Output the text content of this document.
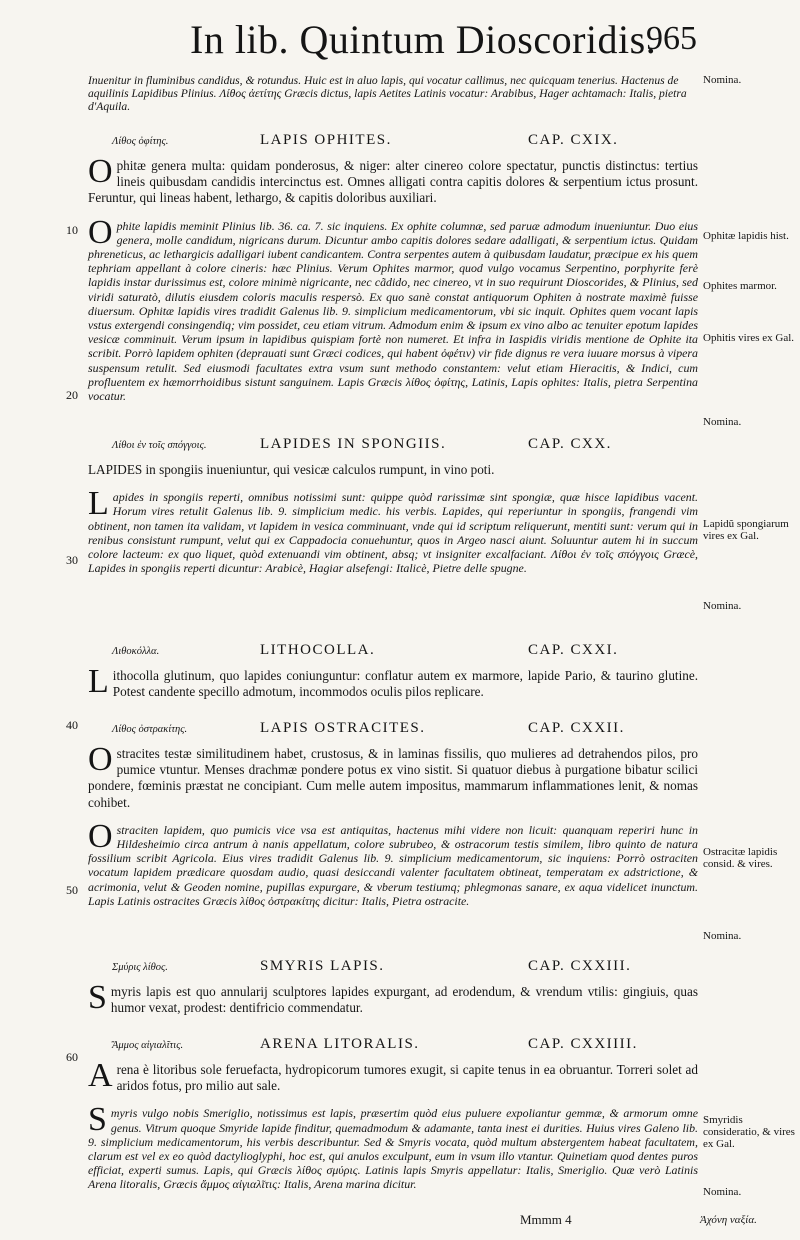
In lib. Quintum Dioscoridis.
965
10
20
30
40
50
60
Inuenitur in fluminibus candidus, & rotundus. Huic est in aluo lapis, qui vocatur callimus, nec quicquam tenerius. Hactenus de aquilinis Lapidibus Plinius. Λίθος ἀετίτης Græcis dictus, lapis Aetites Latinis vocatur: Arabibus, Hager achtamach: Italis, pietra d'Aquila.
Λίθος ὀφίτης.	LAPIS OPHITES.	CAP. CXIX.
Ophitæ genera multa: quidam ponderosus, & niger: alter cinereo colore spectatur, punctis distinctus: tertius lineis quibusdam candidis intercinctus est. Omnes alligati contra capitis dolores & serpentium ictus prosunt. Feruntur, qui lineas habent, lethargo, & capitis doloribus auxiliari.
Ophite lapidis meminit Plinius lib. 36. ca. 7. sic inquiens. Ex ophite columnæ, sed paruæ admodum inueniuntur. Duo eius genera, molle candidum, nigricans durum. Dicuntur ambo capitis dolores sedare adalligati, & serpentium ictus. Quidam phreneticus, ac lethargicis adalligari iubent candicantem. Contra serpentes autem à quibusdam laudatur, præcipue ex his quem tephriam appellant à colore cineris: hæc Plinius. Verum Ophites marmor, quod vulgo vocamus Serpentino, porphyrite ferè lapidis instar durissimus est, colore minimè nigricante, nec cãdido, nec cinereo, vt in suo requirunt Dioscorides, & Plinius, sed viridi saturatò, dilutis eiusdem coloris maculis respersò. Ex quo sanè constat antiquorum Ophiten à nostrate maximè fuisse diuersum. Ophitæ lapidis vires tradidit Galenus lib. 9. simplicium medicamentorum, vbi sic inquit. Ophites quem vocant lapis vstus extergendi consingendiq; vim possidet, ceu etiam vitrum. Admodum enim & ipsum ex vino albo ac tenuiter epotum lapides vesicæ comminuit. Verum ipsum in lapidibus quispiam fortè non numeret. Et infra in Iaspidis viridis mentione de Ophite ita scribit. Porrò lapidem ophiten (deprauati sunt Græci codices, qui habent ὀφέτιν) vir fide dignus re vera iuuare morsus à vipera suspensum retulit. Sed eiusmodi facultates extra vsum sunt methodo constantem: velut etiam Hieracitis, & Indici, cum profluentem ex hæmorrhoidibus sistunt sanguinem. Lapis Græcis λίθος ὀφίτης, Latinis, Lapis ophites: Italis, pietra Serpentina vocatur.
Λίθοι ἐν τοῖς σπόγγοις.	LAPIDES IN SPONGIIS.	CAP. CXX.
LAPIDES in spongiis inueniuntur, qui vesicæ calculos rumpunt, in vino poti.
Lapides in spongiis reperti, omnibus notissimi sunt: quippe quòd rarissimæ sint spongiæ, quæ hisce lapidibus vacent. Horum vires retulit Galenus lib. 9. simplicium medic. his verbis. Lapides, qui reperiuntur in spongiis, frangendi vim obtinent, non tamen ita validam, vt lapidem in vesica comminuant, vnde qui id scriptum reliquerunt, mentiti sunt: verum qui in renibus consistunt rumpunt, velut qui ex Cappadocia conuehuntur, quos in Argeo nasci aiunt. Soluuntur autem hi in succum colore lacteum: ex quo liquet, quòd extenuandi vim obtinent, absq; vt insigniter excalfaciant. Λίθοι ἐν τοῖς σπόγγοις Græcè, Lapides in spongiis reperti dicuntur: Arabicè, Hagiar alsefengi: Italicè, Pietre delle spugne.
Λιθοκόλλα.	LITHOCOLLA.	CAP. CXXI.
Lithocolla glutinum, quo lapides coniunguntur: conflatur autem ex marmore, lapide Pario, & taurino glutine. Potest candente specillo admotum, incommodos oculis pilos replicare.
Λίθος ὀστρακίτης.	LAPIS OSTRACITES.	CAP. CXXII.
Ostracites testæ similitudinem habet, crustosus, & in laminas fissilis, quo mulieres ad detrahendos pilos, pro pumice vtuntur. Menses drachmæ pondere potus ex vino sistit. Si quatuor diebus à purgatione bibatur scilici pondere, fœminis præstat ne concipiant. Cum melle autem impositus, mammarum inflammationes lenit, & nomas cohibet.
Ostraciten lapidem, quo pumicis vice vsa est antiquitas, hactenus mihi videre non licuit: quanquam reperiri hunc in Hildesheimio circa antrum à nanis appellatum, colore subrubeo, & ostracorum testis similem, libro quinto de natura fossilium scribit Agricola. Eius vires tradidit Galenus lib. 9. simplicium medicamentorum, sic inquiens: Porrò ostraciten vocatum lapidem prædicare quosdam audio, quasi desiccandi valenter facultatem obtineat, temperatam ex adstrictione, & acrimonia, velut & Geoden nomine, pupillas expurgare, & vberum testiumq; phlegmonas sanare, ex aqua videlicet inunctum. Lapis Latinis ostracites Græcis λίθος ὀστρακίτης dicitur: Italis, Pietra ostracite.
Σμύρις λίθος.	SMYRIS LAPIS.	CAP. CXXIII.
Smyris lapis est quo annularij sculptores lapides expurgant, ad erodendum, & vrendum vtilis: gingiuis, quas humor vexat, prodest: dentifricio commendatur.
Ἄμμος αἰγιαλῖτις.	ARENA LITORALIS.	CAP. CXXIIII.
Arena è litoribus sole feruefacta, hydropicorum tumores exugit, si capite tenus in ea obruantur. Torreri solet ad aridos fotus, pro milio aut sale.
Smyris vulgo nobis Smeriglio, notissimus est lapis, præsertim quòd eius puluere expoliantur gemmæ, & armorum omne genus. Vitrum quoque Smyride lapide finditur, quemadmodum & adamante, tanta inest ei durities. Huius vires Galeno lib. 9. simplicium medicamentorum, his verbis describuntur. Sed & Smyris vocata, quòd multum abstergentem habeat facultatem, clarum est vel ex eo quòd dactylioglyphi, hoc est, qui anulos exculpunt, eum in vsum illo vtantur. Quinetiam quod dentes puros efficiat, experti sumus. Lapis, qui Græcis λίθος σμύρις. Latinis lapis Smyris appellatur: Italis, Smeriglio. Quæ verò Latinis Arena litoralis, Græcis ἄμμος αἰγιαλῖτις: Italis, Arena marina dicitur.
Nomina.
Ophitæ lapidis hist.
Ophites marmor.
Ophitis vires ex Gal.
Nomina.
Lapidũ spongiarum vires ex Gal.
Nomina.
Ostracitæ lapidis consid. & vires.
Nomina.
Smyridis consideratio, & vires ex Gal.
Nomina.
Mmmm 4	Ἀχόνη ναξία.
